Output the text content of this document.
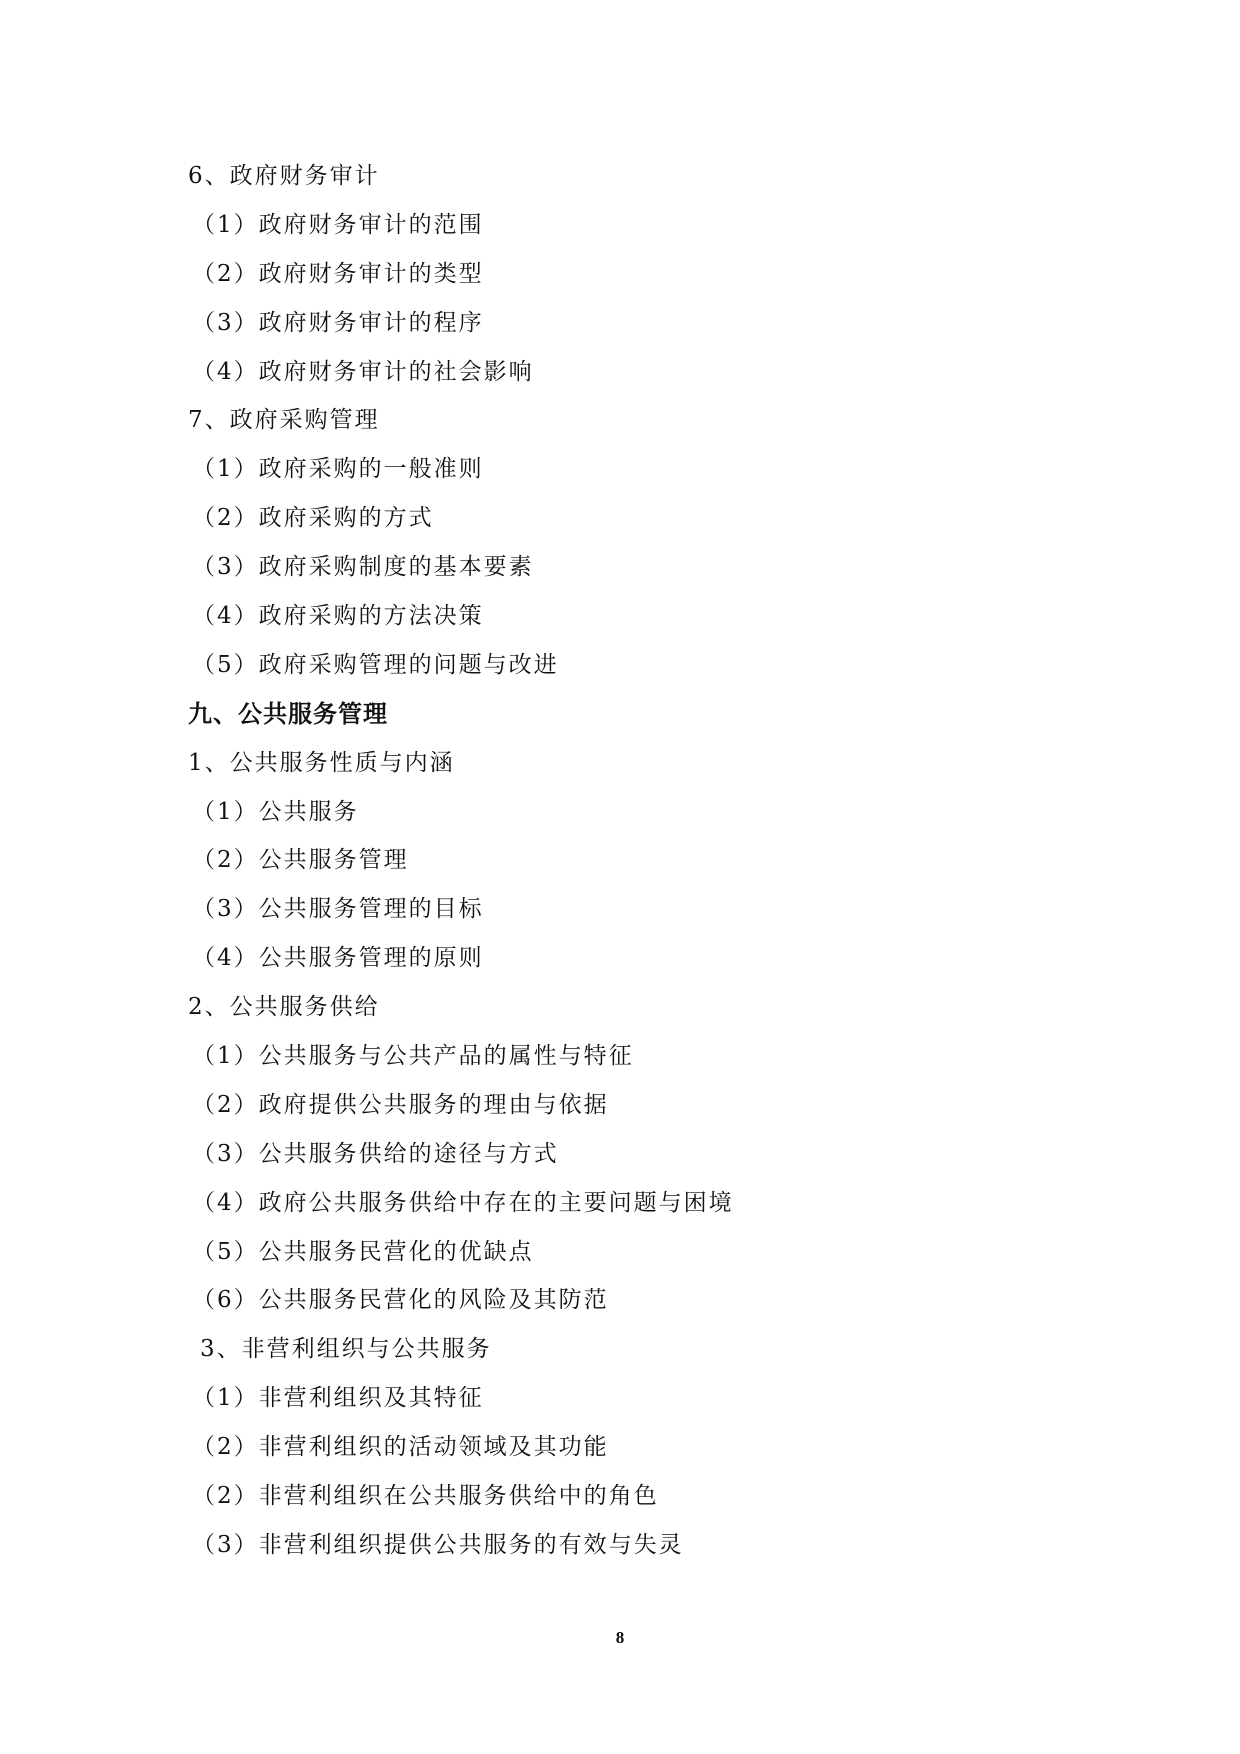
6、政府财务审计
（1）政府财务审计的范围
（2）政府财务审计的类型
（3）政府财务审计的程序
（4）政府财务审计的社会影响
7、政府采购管理
（1）政府采购的一般准则
（2）政府采购的方式
（3）政府采购制度的基本要素
（4）政府采购的方法决策
（5）政府采购管理的问题与改进
九、公共服务管理
1、公共服务性质与内涵
（1）公共服务
（2）公共服务管理
（3）公共服务管理的目标
（4）公共服务管理的原则
2、公共服务供给
（1）公共服务与公共产品的属性与特征
（2）政府提供公共服务的理由与依据
（3）公共服务供给的途径与方式
（4）政府公共服务供给中存在的主要问题与困境
（5）公共服务民营化的优缺点
（6）公共服务民营化的风险及其防范
3、非营利组织与公共服务
（1）非营利组织及其特征
（2）非营利组织的活动领域及其功能
（2）非营利组织在公共服务供给中的角色
（3）非营利组织提供公共服务的有效与失灵
8
